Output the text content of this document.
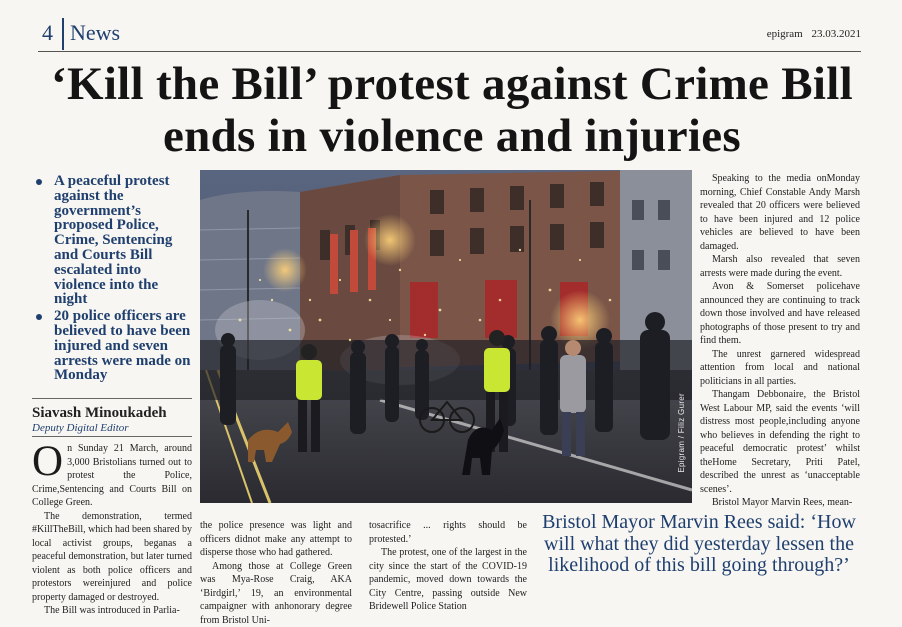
4 News	epigram 23.03.2021
‘Kill the Bill’ protest against Crime Bill ends in violence and injuries
A peaceful protest against the government’s proposed Police, Crime, Sentencing and Courts Bill escalated into violence into the night
20 police officers are believed to have been injured and seven arrests were made on Monday
Siavash Minoukadeh
Deputy Digital Editor

On Sunday 21 March, around 3,000 Bristolians turned out to protest the Police, Crime,Sentencing and Courts Bill on College Green.

The demonstration, termed #KillTheBill, which had been shared by local activist groups, beganas a peaceful demonstration, but later turned violent as both police officers and protestors wereinjured and police property damaged or destroyed.

The Bill was introduced in Parlia-

Epigram / Filiz Gurer

the police presence was light and officers didnot make any attempt to disperse those who had gathered.

Among those at College Green was Mya-Rose Craig, AKA ‘Birdgirl,’ 19, an environmental campaigner with anhonorary degree from Bristol Uni-

tosacrifice ... rights should be protested.’

The protest, one of the largest in the city since the start of the COVID-19 pandemic, moved down towards the City Centre, passing outside New Bridewell Police Station

Speaking to the media onMonday morning, Chief Constable Andy Marsh revealed that 20 officers were believed to have been injured and 12 police vehicles are believed to have been damaged.

Marsh also revealed that seven arrests were made during the event.

Avon & Somerset policehave announced they are continuing to track down those involved and have released photographs of those present to try and find them.

The unrest garnered widespread attention from local and national politicians in all parties.

Thangam Debbonaire, the Bristol West Labour MP, said the events ‘will distress most people,including anyone who believes in defending the right to peaceful democratic protest’ whilst theHome Secretary, Priti Patel, described the unrest as ‘unacceptable scenes’.

Bristol Mayor Marvin Rees, mean-

Bristol Mayor Marvin Rees said: ‘How will what they did yesterday lessen the likelihood of this bill going through?’
